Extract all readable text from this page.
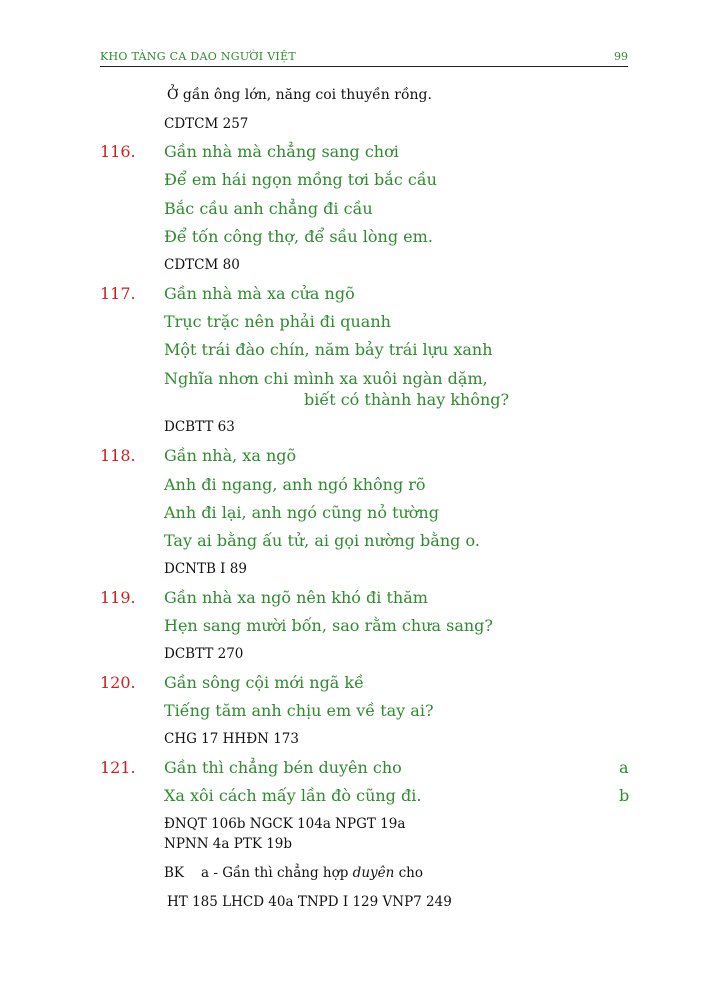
KHO TÀNG CA DAO NGƯỜI VIỆT	99
Ở gần ông lớn, năng coi thuyền rồng.
CDTCM 257
116. Gần nhà mà chẳng sang chơi
Để em hái ngọn mồng tơi bắc cầu
Bắc cầu anh chẳng đi cầu
Để tốn công thợ, để sầu lòng em.
CDTCM 80
117. Gần nhà mà xa cửa ngõ
Trục trặc nên phải đi quanh
Một trái đào chín, năm bảy trái lựu xanh
Nghĩa nhơn chi mình xa xuôi ngàn dặm,
biết có thành hay không?
DCBTT 63
118. Gần nhà, xa ngõ
Anh đi ngang, anh ngó không rõ
Anh đi lại, anh ngó cũng nỏ tường
Tay ai bằng ấu tử, ai gọi nường bằng o.
DCNTB I 89
119. Gần nhà xa ngõ nên khó đi thăm
Hẹn sang mười bốn, sao rằm chưa sang?
DCBTT 270
120. Gần sông cội mới ngã kề
Tiếng tăm anh chịu em về tay ai?
CHG 17 HHĐN 173
121. Gần thì chẳng bén duyên cho	a
Xa xôi cách mấy lần đò cũng đi.	b
ĐNQT 106b NGCK 104a NPGT 19a
NPNN 4a PTK 19b
BK a - Gần thì chẳng hợp duyên cho
HT 185 LHCD 40a TNPD I 129 VNP7 249
